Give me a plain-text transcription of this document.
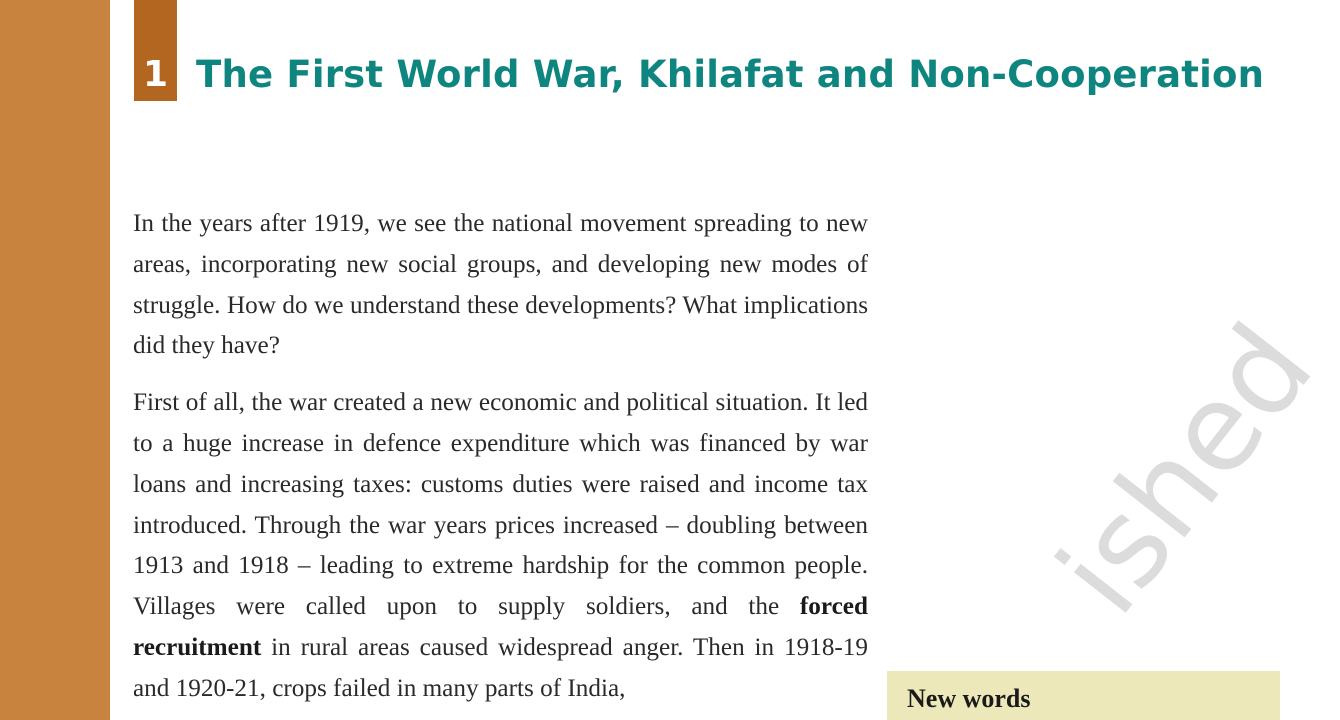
1 The First World War, Khilafat and Non-Cooperation

In the years after 1919, we see the national movement spreading to new areas, incorporating new social groups, and developing new modes of struggle. How do we understand these developments? What implications did they have?

First of all, the war created a new economic and political situation. It led to a huge increase in defence expenditure which was financed by war loans and increasing taxes: customs duties were raised and income tax introduced. Through the war years prices increased – doubling between 1913 and 1918 – leading to extreme hardship for the common people. Villages were called upon to supply soldiers, and the forced recruitment in rural areas caused widespread anger. Then in 1918-19 and 1920-21, crops failed in many parts of India,

ished
New words
